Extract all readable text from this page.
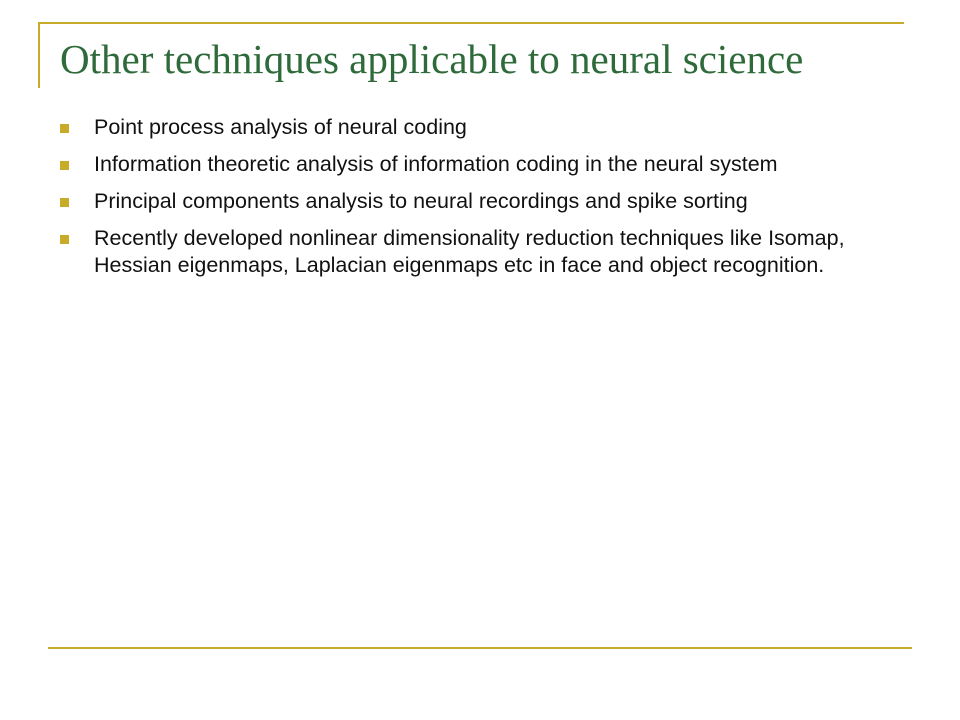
Other techniques applicable to neural science
Point process analysis of neural coding
Information theoretic analysis of information coding in the neural system
Principal components analysis to neural recordings and spike sorting
Recently developed nonlinear dimensionality reduction techniques like Isomap, Hessian eigenmaps, Laplacian eigenmaps etc in face and object recognition.
